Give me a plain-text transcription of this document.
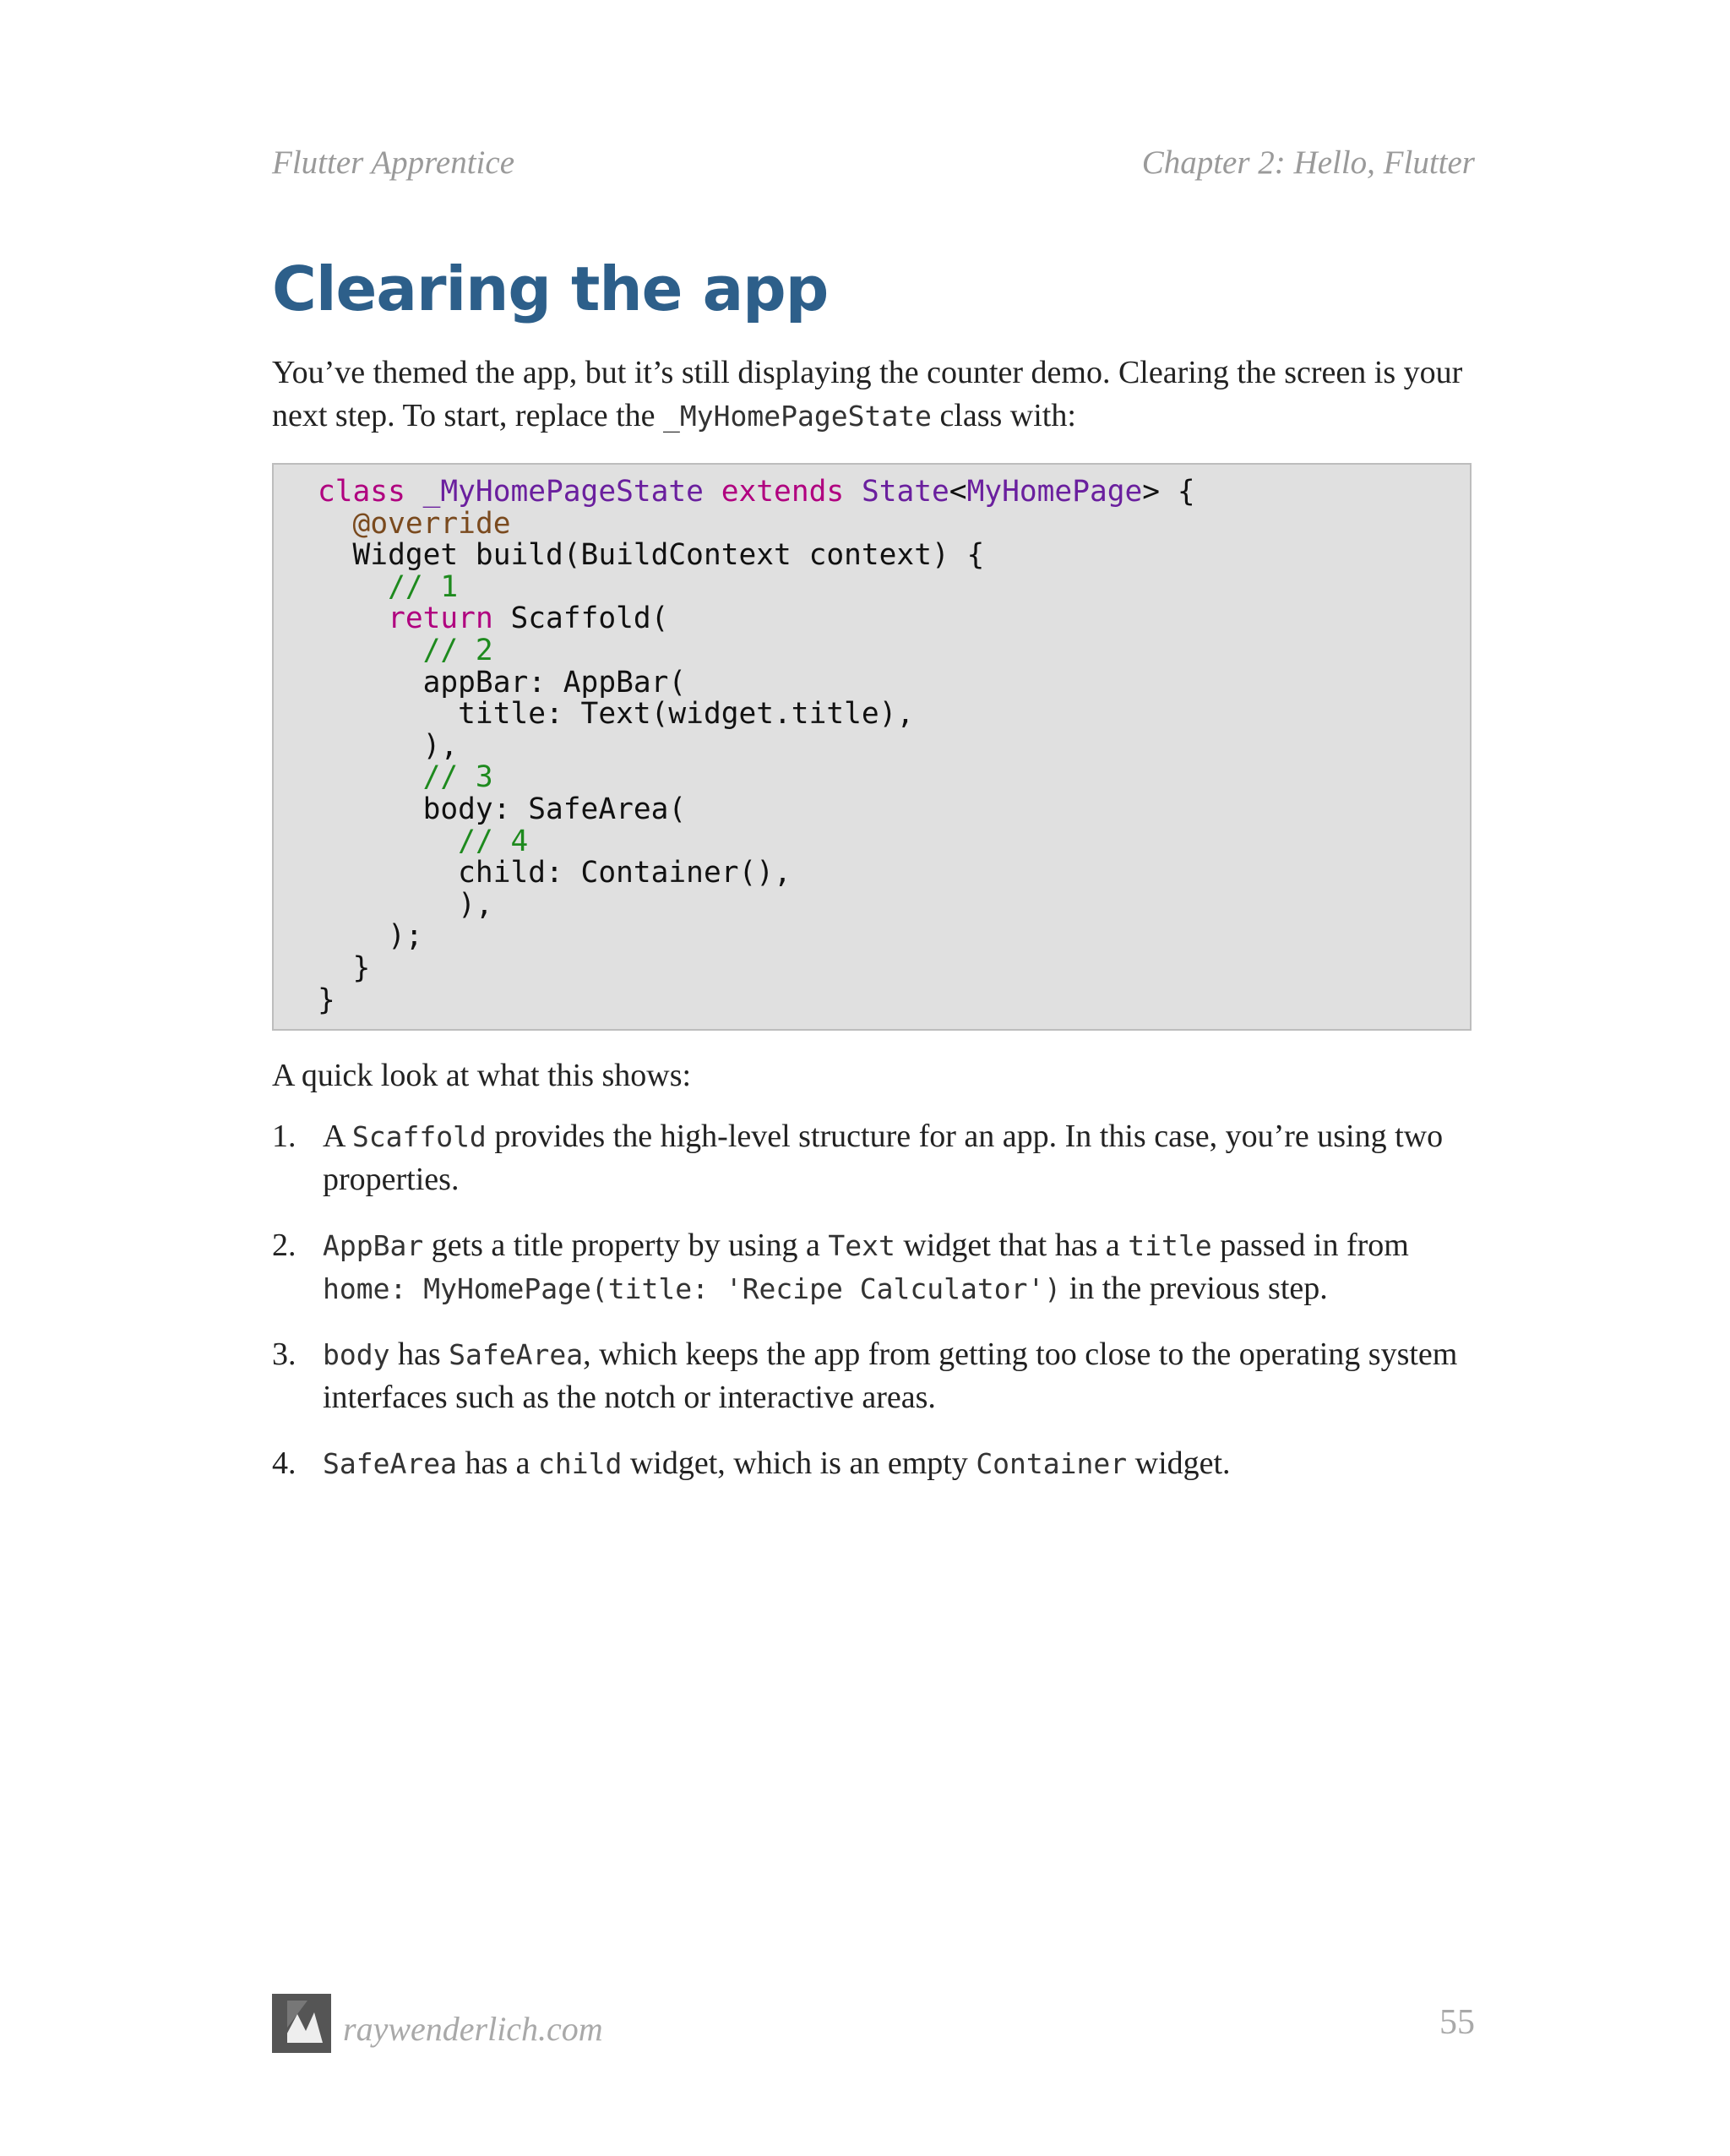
Flutter Apprentice	Chapter 2: Hello, Flutter
Clearing the app

You’ve themed the app, but it’s still displaying the counter demo. Clearing the screen is your next step. To start, replace the _MyHomePageState class with:

class _MyHomePageState extends State<MyHomePage> {
@override
Widget build(BuildContext context) {
// 1
return Scaffold(
// 2
appBar: AppBar(
title: Text(widget.title),
),
// 3
body: SafeArea(
// 4
child: Container(),
),
);
}
}

A quick look at what this shows:

1. A Scaffold provides the high-level structure for an app. In this case, you’re using two properties.
2. AppBar gets a title property by using a Text widget that has a title passed in from home: MyHomePage(title: 'Recipe Calculator') in the previous step.
3. body has SafeArea, which keeps the app from getting too close to the operating system interfaces such as the notch or interactive areas.
4. SafeArea has a child widget, which is an empty Container widget.
raywenderlich.com	55
